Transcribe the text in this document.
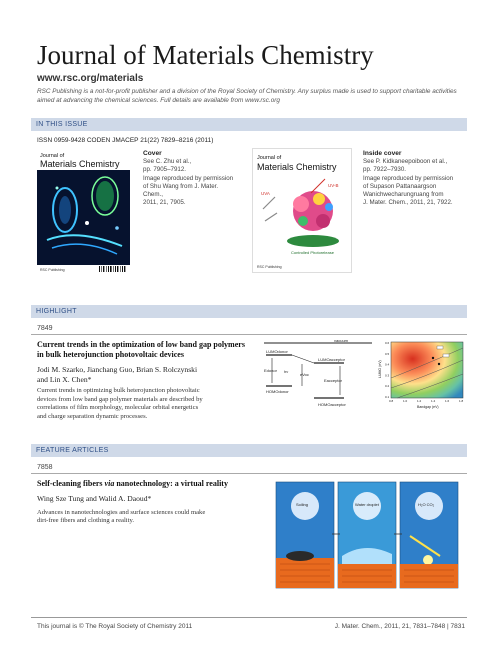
Journal of Materials Chemistry
www.rsc.org/materials
RSC Publishing is a not-for-profit publisher and a division of the Royal Society of Chemistry. Any surplus made is used to support charitable activities aimed at advancing the chemical sciences. Full details are available from www.rsc.org
IN THIS ISSUE
ISSN 0959-9428 CODEN JMACEP 21(22) 7829–8216 (2011)
Journal of
Materials Chemistry
RSC Publishing
Cover
See C. Zhu et al.,
pp. 7905–7912.
Image reproduced by permission
of Shu Wang from J. Mater. Chem.,
2011, 21, 7905.
Journal of
Materials Chemistry
UVA
UV-B
Controlled Photorelease
RSC Publishing
Inside cover
See P. Kidkaneepoiboon et al.,
pp. 7922–7930.
Image reproduced by permission
of Supason Pattanaargson
Wanichwecharungruang from
J. Mater. Chem., 2011, 21, 7922.
HIGHLIGHT
7849
Current trends in the optimization of low band gap polymers
in bulk heterojunction photovoltaic devices
Jodi M. Szarko, Jianchang Guo, Brian S. Rolczynski
and Lin X. Chen*
Current trends in optimizing bulk heterojunction photovoltaic
devices from low band gap polymer materials are described by
correlations of film morphology, molecular orbital energetics
and charge separation dynamic processes.
vacuum
LUMOdonor
LUMOacceptor
HOMOdonor
HOMOacceptor
Edonor hν
eVoc
Eacceptor
LUMO (eV)
Bandgap (eV)
0.6
0.5
0.4
0.3
0.2
0.1
0.8	1.0	1.2	1.4	1.6	1.8
FEATURE ARTICLES
7858
Self-cleaning fibers via nanotechnology: a virtual reality
Wing Sze Tung and Walid A. Daoud*
Advances in nanotechnologies and surface sciences could make
dirt-free fibers and clothing a reality.
Soiling	Water droplet	H₂O CO₂
This journal is © The Royal Society of Chemistry 2011	J. Mater. Chem., 2011, 21, 7831–7848 | 7831
